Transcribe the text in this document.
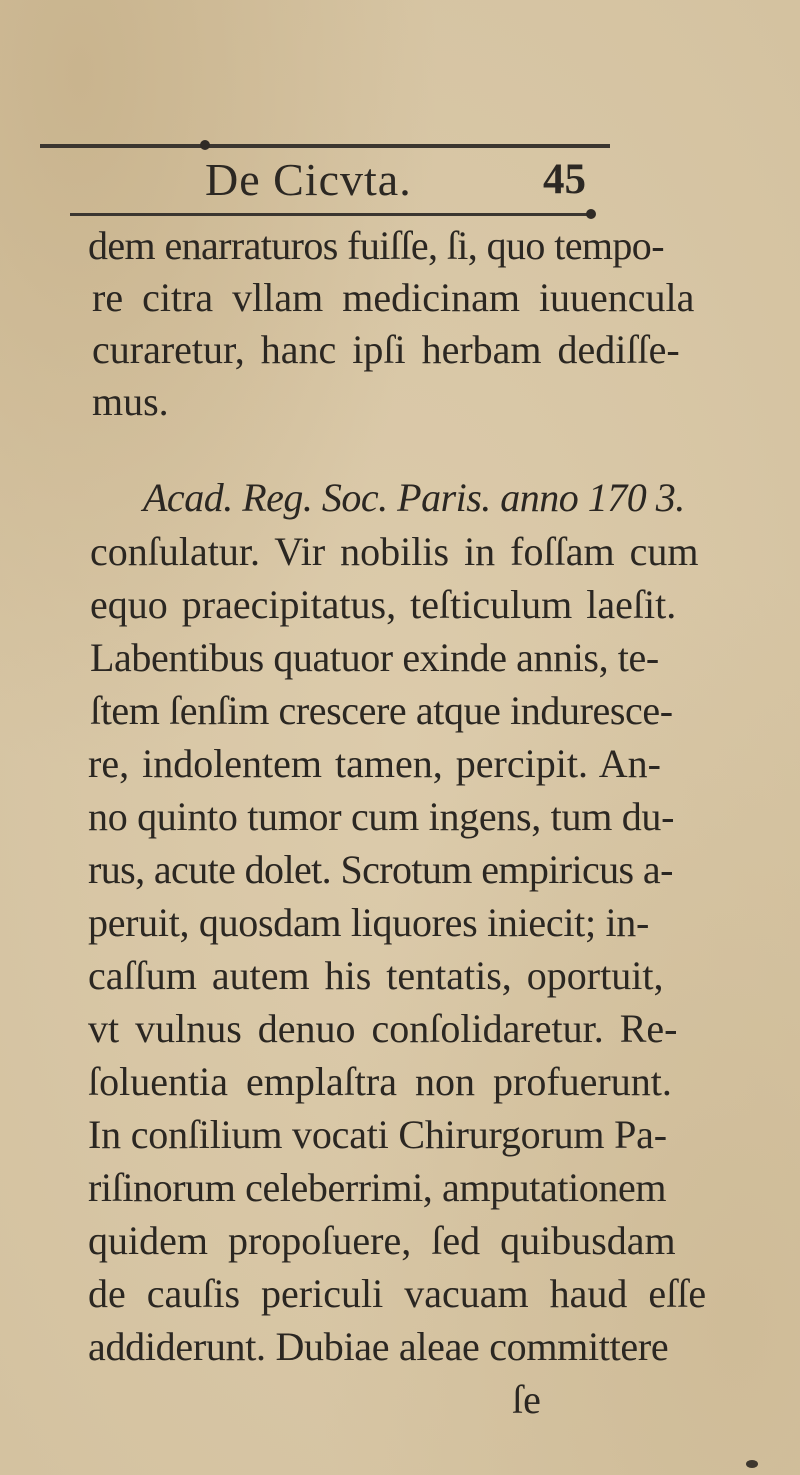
De Cicvta.	45
dem enarraturos fuiſſe, ſi, quo tempo-
re citra vllam medicinam iuuencula
curaretur, hanc ipſi herbam dediſſe-
mus.
Acad. Reg. Soc. Paris. anno 170 3.
conſulatur. Vir nobilis in foſſam cum
equo praecipitatus, teſticulum laeſit.
Labentibus quatuor exinde annis, te-
ſtem ſenſim crescere atque induresce-
re, indolentem tamen, percipit. An-
no quinto tumor cum ingens, tum du-
rus, acute dolet. Scrotum empiricus a-
peruit, quosdam liquores iniecit; in-
caſſum autem his tentatis, oportuit,
vt vulnus denuo conſolidaretur. Re-
ſoluentia emplaſtra non profuerunt.
In conſilium vocati Chirurgorum Pa-
riſinorum celeberrimi, amputationem
quidem propoſuere, ſed quibusdam
de cauſis periculi vacuam haud eſſe
addiderunt. Dubiae aleae committere
ſe
